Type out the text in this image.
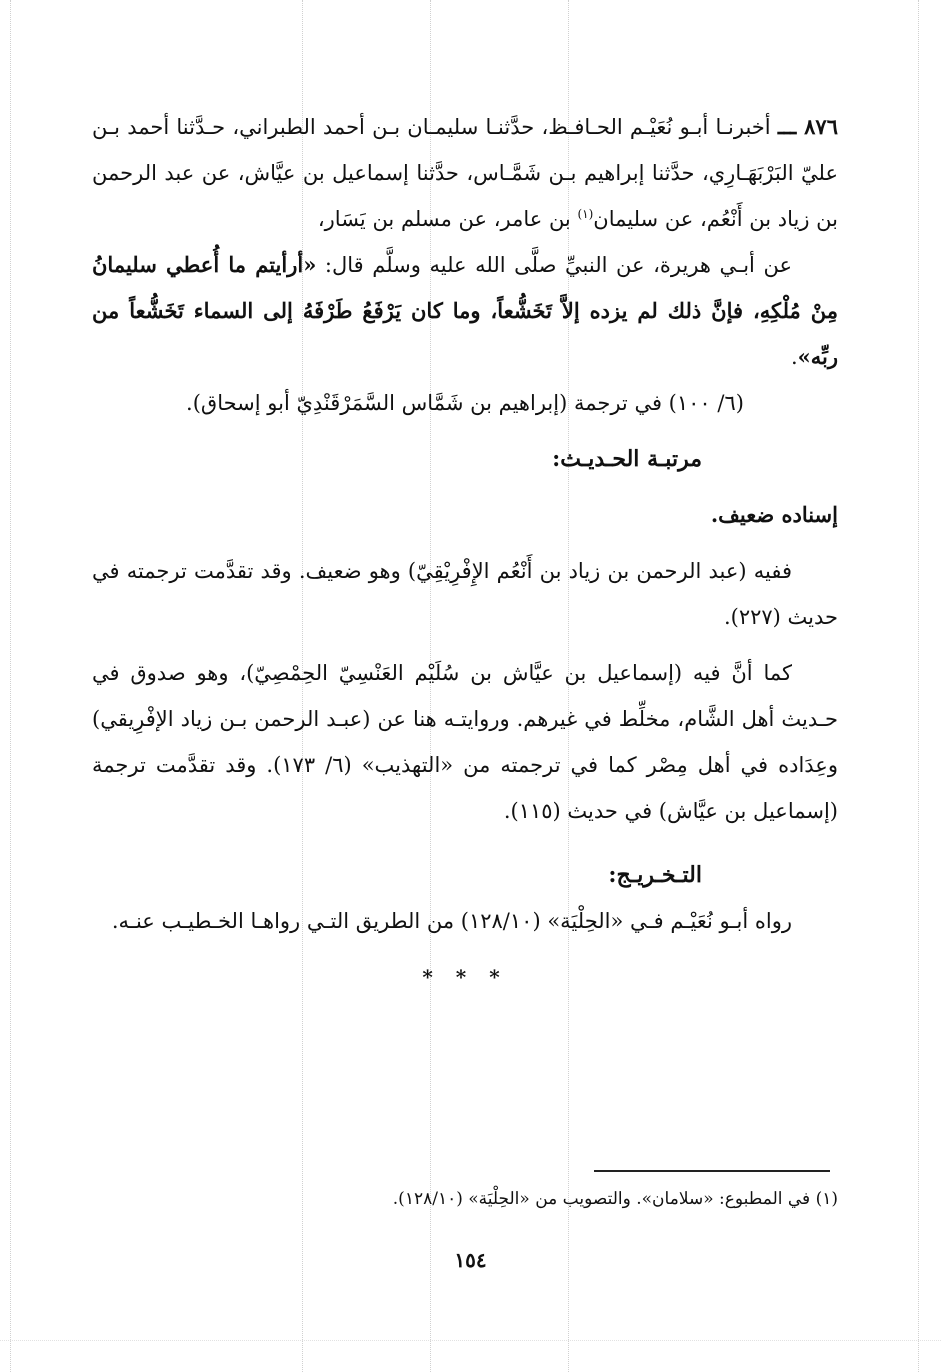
٨٧٦ ـــ أخبرنـا أبـو نُعَيْـم الحـافـظ، حدَّثنـا سليمـان بـن أحمد الطبراني، حـدَّثنا أحمد بـن عليّ البَرْبَهَـارِي، حدَّثنا إبراهيم بـن شَمَّـاس، حدَّثنا إسماعيل بن عيَّاش، عن عبد الرحمن بن زياد بن أَنْعُم، عن سليمان$^{(١)}$ بن عامر، عن مسلم بن يَسَار،

عن أبـي هريرة، عن النبيِّ صلَّى الله عليه وسلَّم قال: «أرأيتم ما أُعطي سليمانُ مِنْ مُلْكِهِ، فإنَّ ذلك لم يزده إلاَّ تَخَشُّعاً، وما كان يَرْفَعُ طَرْفَهُ إلى السماء تَخَشُّعاً من ربِّه».

(٦/ ١٠٠) في ترجمة (إبراهيم بن شَمَّاس السَّمَرْقَنْدِيّ أبو إسحاق).

مرتبـة الحـديـث:

إسناده ضعيف.

ففيه (عبد الرحمن بن زياد بن أَنْعُم الإِفْرِيْقِيّ) وهو ضعيف. وقد تقدَّمت ترجمته في حديث (٢٢٧).

كما أنَّ فيه (إسماعيل بن عيَّاش بن سُلَيْم العَنْسِيّ الحِمْصِيّ)، وهو صدوق في حـديث أهل الشَّام، مخلِّط في غيرهم. وروايتـه هنا عن (عبـد الرحمن بـن زياد الإفْرِيقي) وعِدَاده في أهل مِصْر كما في ترجمته من «التهذيب» (٦/ ١٧٣). وقد تقدَّمت ترجمة (إسماعيل بن عيَّاش) في حديث (١١٥).

التـخـريـج:

رواه أبـو نُعَيْـم فـي «الحِلْيَة» (١٢٨/١٠) من الطريق التـي رواهـا الخـطيـب عنـه.

* * *

(١) في المطبوع: «سلامان». والتصويب من «الحِلْيَة» (١٢٨/١٠).
١٥٤
